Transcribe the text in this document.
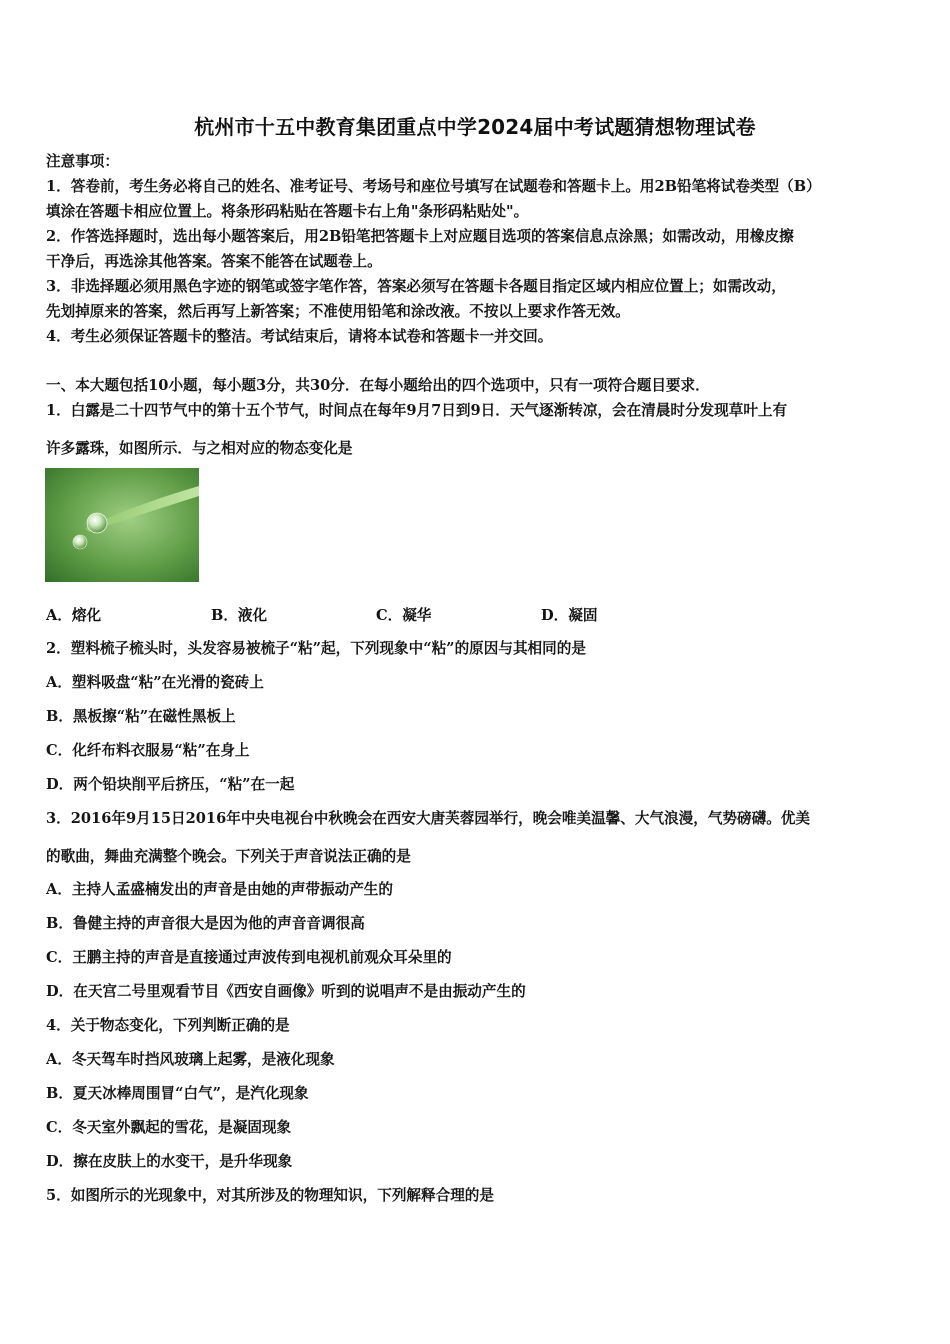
杭州市十五中教育集团重点中学2024届中考试题猜想物理试卷
注意事项：
1．答卷前，考生务必将自己的姓名、准考证号、考场号和座位号填写在试题卷和答题卡上。用2B铅笔将试卷类型（B）
填涂在答题卡相应位置上。将条形码粘贴在答题卡右上角"条形码粘贴处"。
2．作答选择题时，选出每小题答案后，用2B铅笔把答题卡上对应题目选项的答案信息点涂黑；如需改动，用橡皮擦
干净后，再选涂其他答案。答案不能答在试题卷上。
3．非选择题必须用黑色字迹的钢笔或签字笔作答，答案必须写在答题卡各题目指定区域内相应位置上；如需改动，
先划掉原来的答案，然后再写上新答案；不准使用铅笔和涂改液。不按以上要求作答无效。
4．考生必须保证答题卡的整洁。考试结束后，请将本试卷和答题卡一并交回。
一、本大题包括10小题，每小题3分，共30分．在每小题给出的四个选项中，只有一项符合题目要求．
1．白露是二十四节气中的第十五个节气，时间点在每年9月7日到9日．天气逐渐转凉，会在清晨时分发现草叶上有
许多露珠，如图所示．与之相对应的物态变化是
A．熔化	B．液化	C．凝华	D．凝固
2．塑料梳子梳头时，头发容易被梳子“粘”起，下列现象中“粘”的原因与其相同的是
A．塑料吸盘“粘”在光滑的瓷砖上
B．黑板擦“粘”在磁性黑板上
C．化纤布料衣服易“粘”在身上
D．两个铅块削平后挤压，“粘”在一起
3．2016年9月15日2016年中央电视台中秋晚会在西安大唐芙蓉园举行，晚会唯美温馨、大气浪漫，气势磅礴。优美
的歌曲，舞曲充满整个晚会。下列关于声音说法正确的是
A．主持人孟盛楠发出的声音是由她的声带振动产生的
B．鲁健主持的声音很大是因为他的声音音调很高
C．王鹏主持的声音是直接通过声波传到电视机前观众耳朵里的
D．在天宫二号里观看节目《西安自画像》听到的说唱声不是由振动产生的
4．关于物态变化，下列判断正确的是
A．冬天驾车时挡风玻璃上起雾，是液化现象
B．夏天冰棒周围冒“白气”，是汽化现象
C．冬天室外飘起的雪花，是凝固现象
D．擦在皮肤上的水变干，是升华现象
5．如图所示的光现象中，对其所涉及的物理知识，下列解释合理的是
